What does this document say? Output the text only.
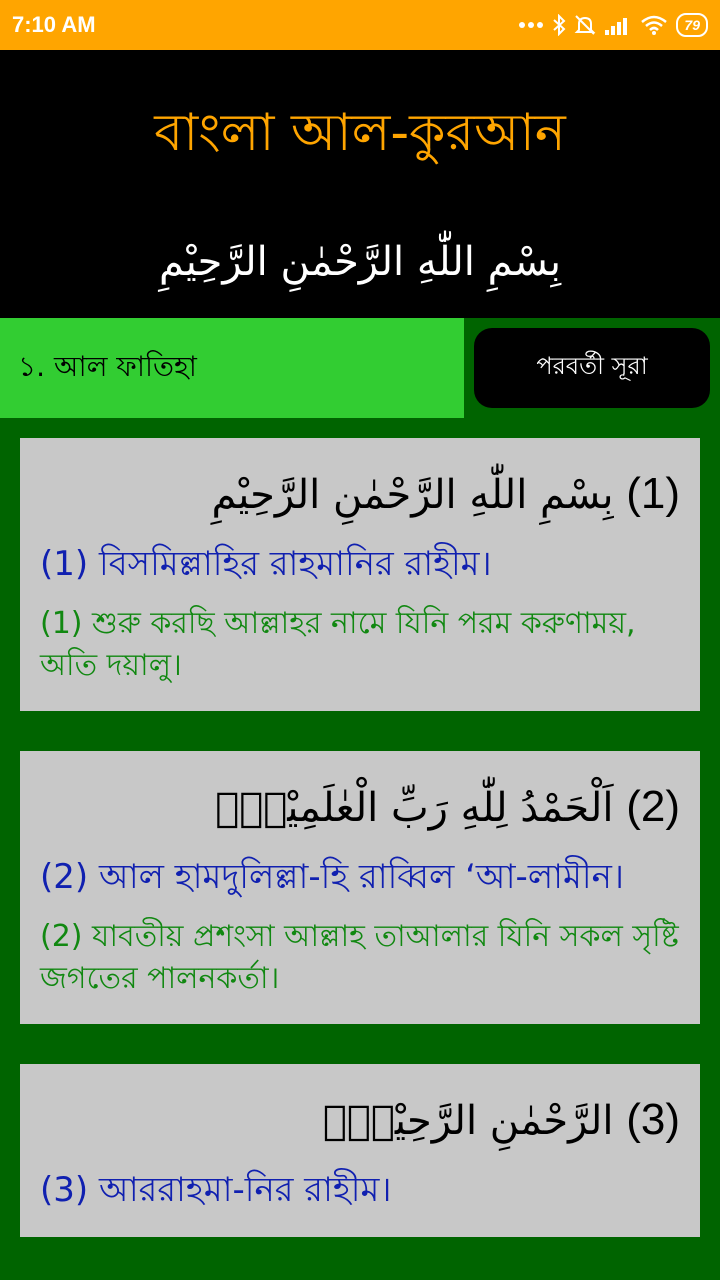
7:10 AM	79
বাংলা আল-কুরআন
بِسْمِ اللّٰهِ الرَّحْمٰنِ الرَّحِيْمِ
১. আল ফাতিহা	পরবর্তী সূরা
(1) بِسْمِ اللّٰهِ الرَّحْمٰنِ الرَّحِيْمِ
(1) বিসমিল্লাহির রাহমানির রাহীম।
(1) শুরু করছি আল্লাহর নামে যিনি পরম করুণাময়, অতি দয়ালু।
(2) اَلْحَمْدُ لِلّٰهِ رَبِّ الْعٰلَمِيْنَۙ
(2) আল হামদুলিল্লা-হি রাব্বিল ‘আ-লামীন।
(2) যাবতীয় প্রশংসা আল্লাহ তাআলার যিনি সকল সৃষ্টি জগতের পালনকর্তা।
(3) الرَّحْمٰنِ الرَّحِيْمِۙ
(3) আররাহমা-নির রাহীম।
